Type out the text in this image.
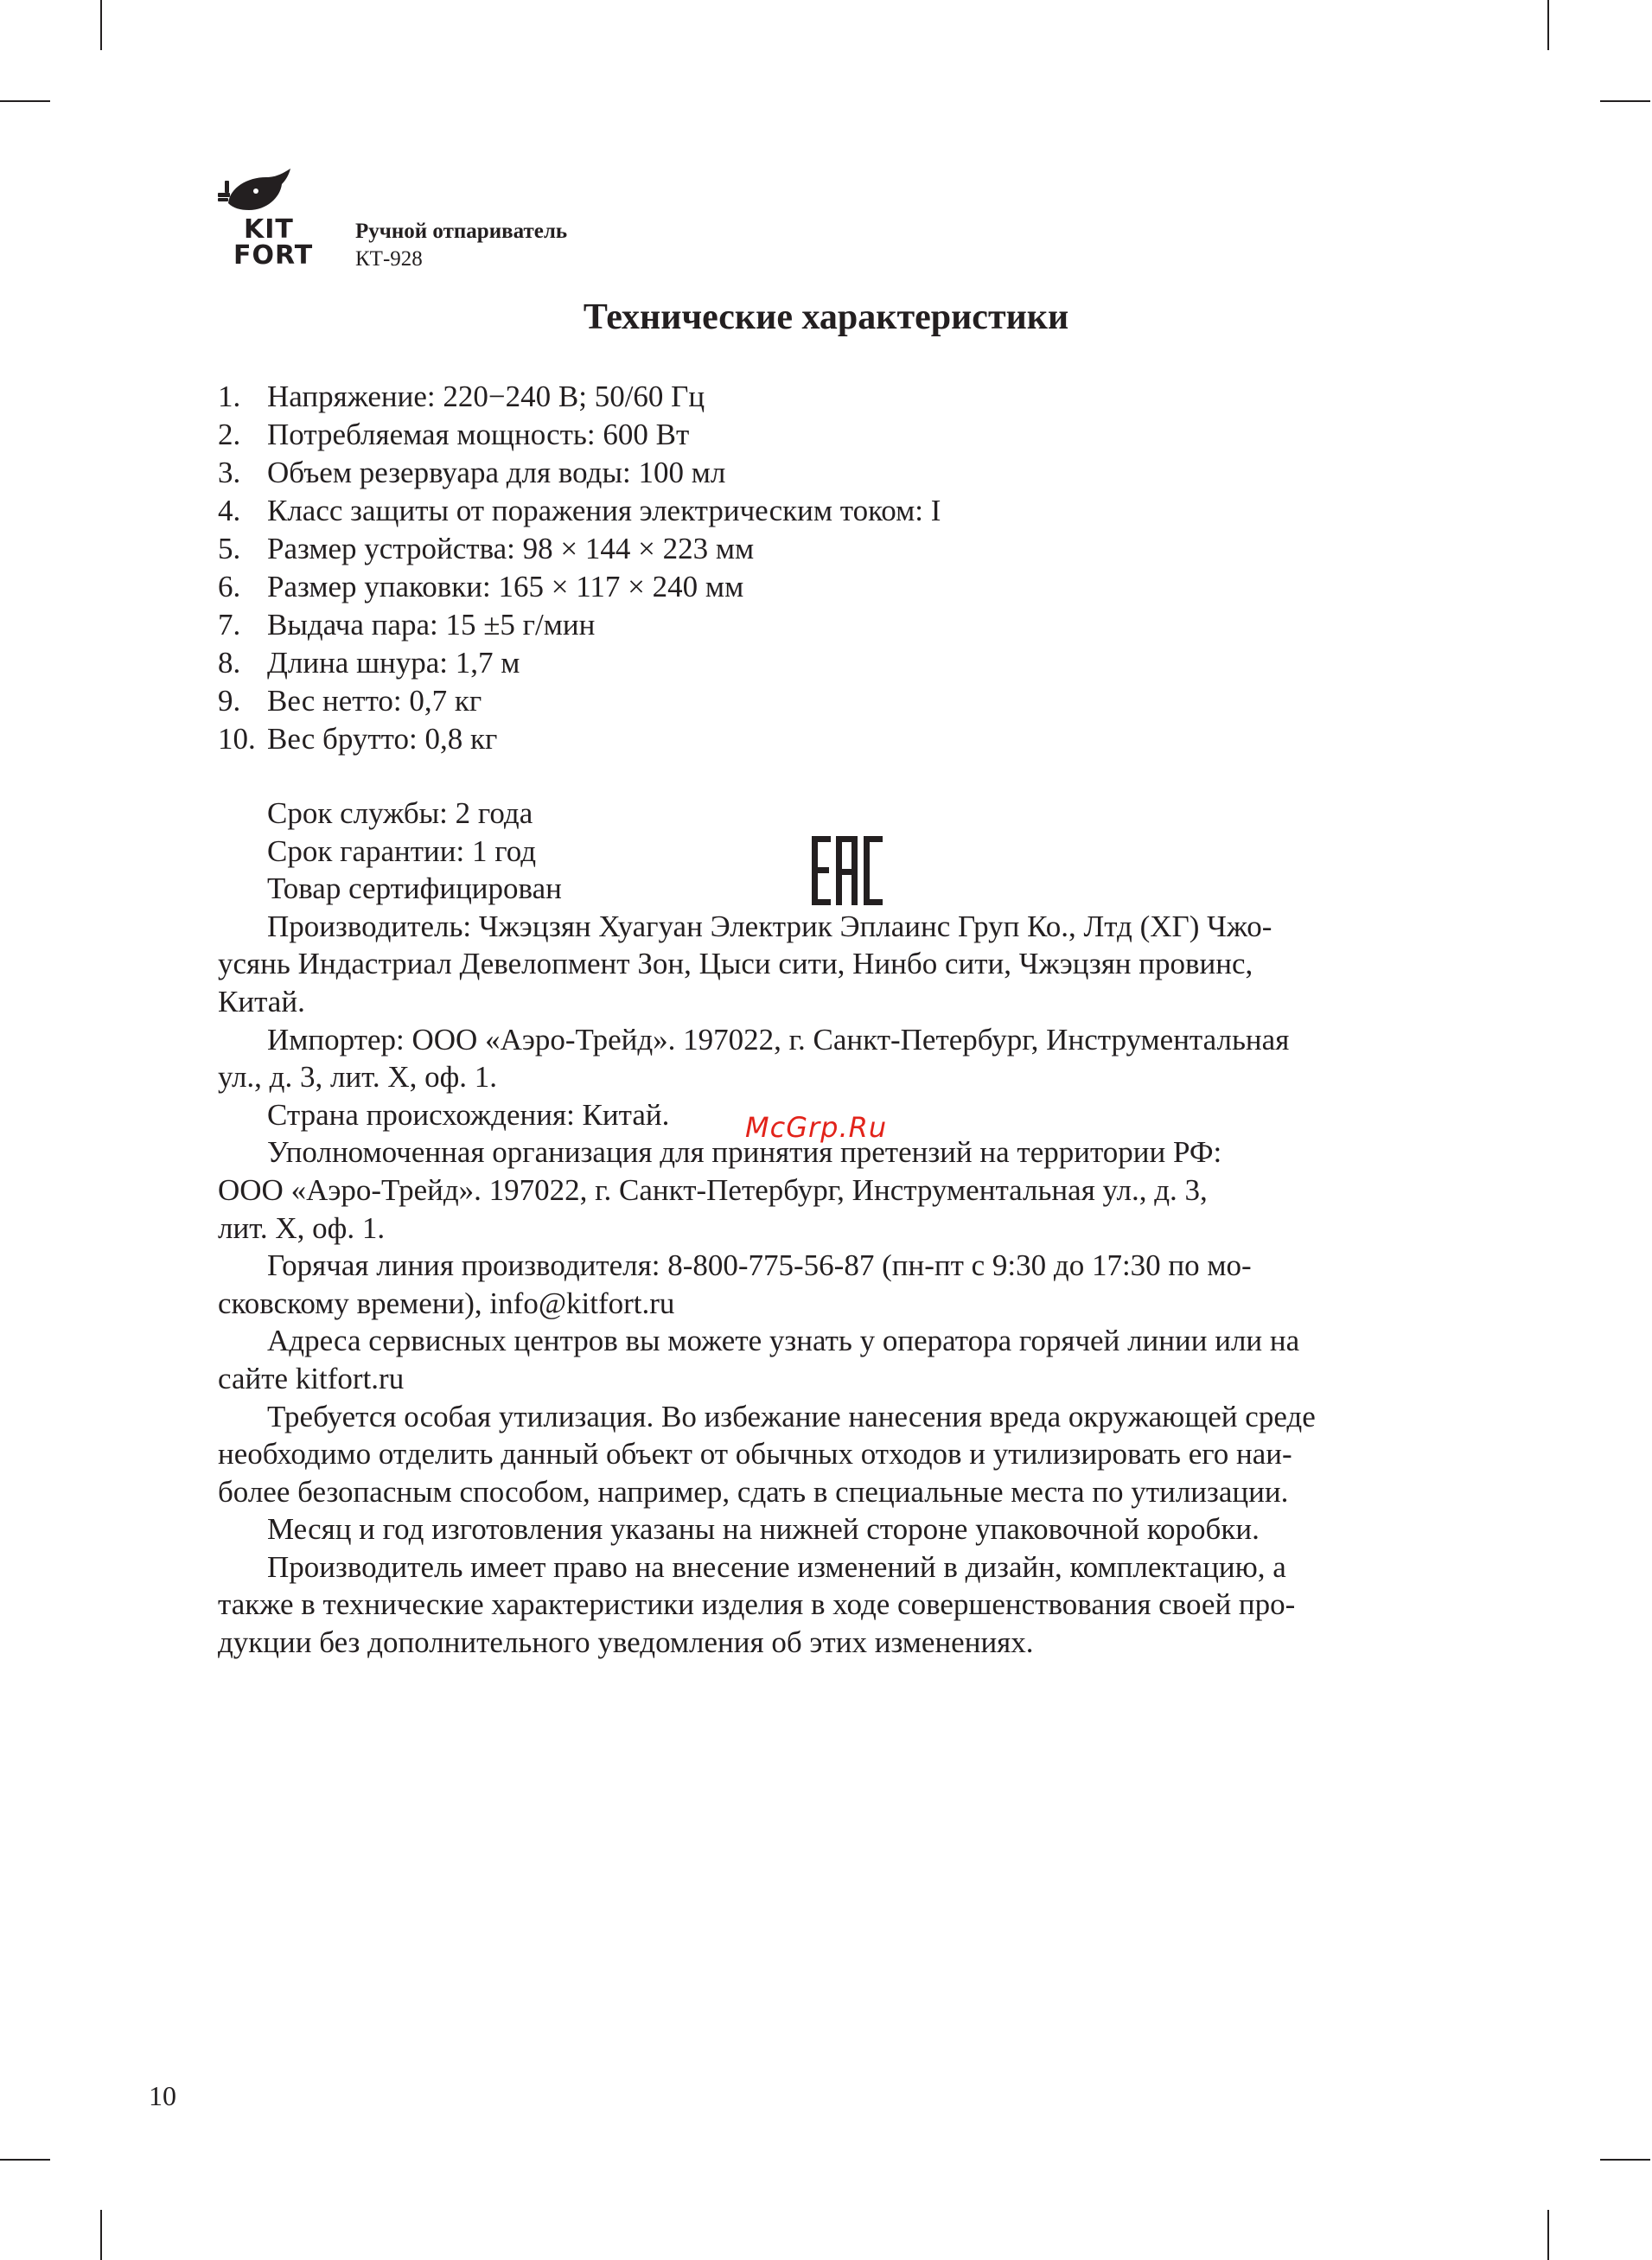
KIT
FORT
Ручной отпариватель
КТ-928
Технические характеристики
1. Напряжение: 220−240 В; 50/60 Гц
2. Потребляемая мощность: 600 Вт
3. Объем резервуара для воды: 100 мл
4. Класс защиты от поражения электрическим током: I
5. Размер устройства: 98 × 144 × 223 мм
6. Размер упаковки: 165 × 117 × 240 мм
7. Выдача пара: 15 ±5 г/мин
8. Длина шнура: 1,7 м
9. Вес нетто: 0,7 кг
10. Вес брутто: 0,8 кг

Срок службы: 2 года

Срок гарантии: 1 год

Товар сертифицирован

Производитель: Чжэцзян Хуагуан Электрик Эплаинс Груп Ко., Лтд (ХГ) Чжо-

усянь Индастриал Девелопмент Зон, Цыси сити, Нинбо сити, Чжэцзян провинс,

Китай.

Импортер: ООО «Аэро-Трейд». 197022, г. Санкт-Петербург, Инструментальная

ул., д. 3, лит. Х, оф. 1.

Страна происхождения: Китай.

Уполномоченная организация для принятия претензий на территории РФ:

ООО «Аэро-Трейд». 197022, г. Санкт-Петербург, Инструментальная ул., д. 3,

лит. Х, оф. 1.

Горячая линия производителя: 8-800-775-56-87 (пн-пт с 9:30 до 17:30 по мо-

сковскому времени), info@kitfort.ru

Адреса сервисных центров вы можете узнать у оператора горячей линии или на

сайте kitfort.ru

Требуется особая утилизация. Во избежание нанесения вреда окружающей среде

необходимо отделить данный объект от обычных отходов и утилизировать его наи-

более безопасным способом, например, сдать в специальные места по утилизации.

Месяц и год изготовления указаны на нижней стороне упаковочной коробки.

Производитель имеет право на внесение изменений в дизайн, комплектацию, а

также в технические характеристики изделия в ходе совершенствования своей про-

дукции без дополнительного уведомления об этих изменениях.

McGrp.Ru
10
